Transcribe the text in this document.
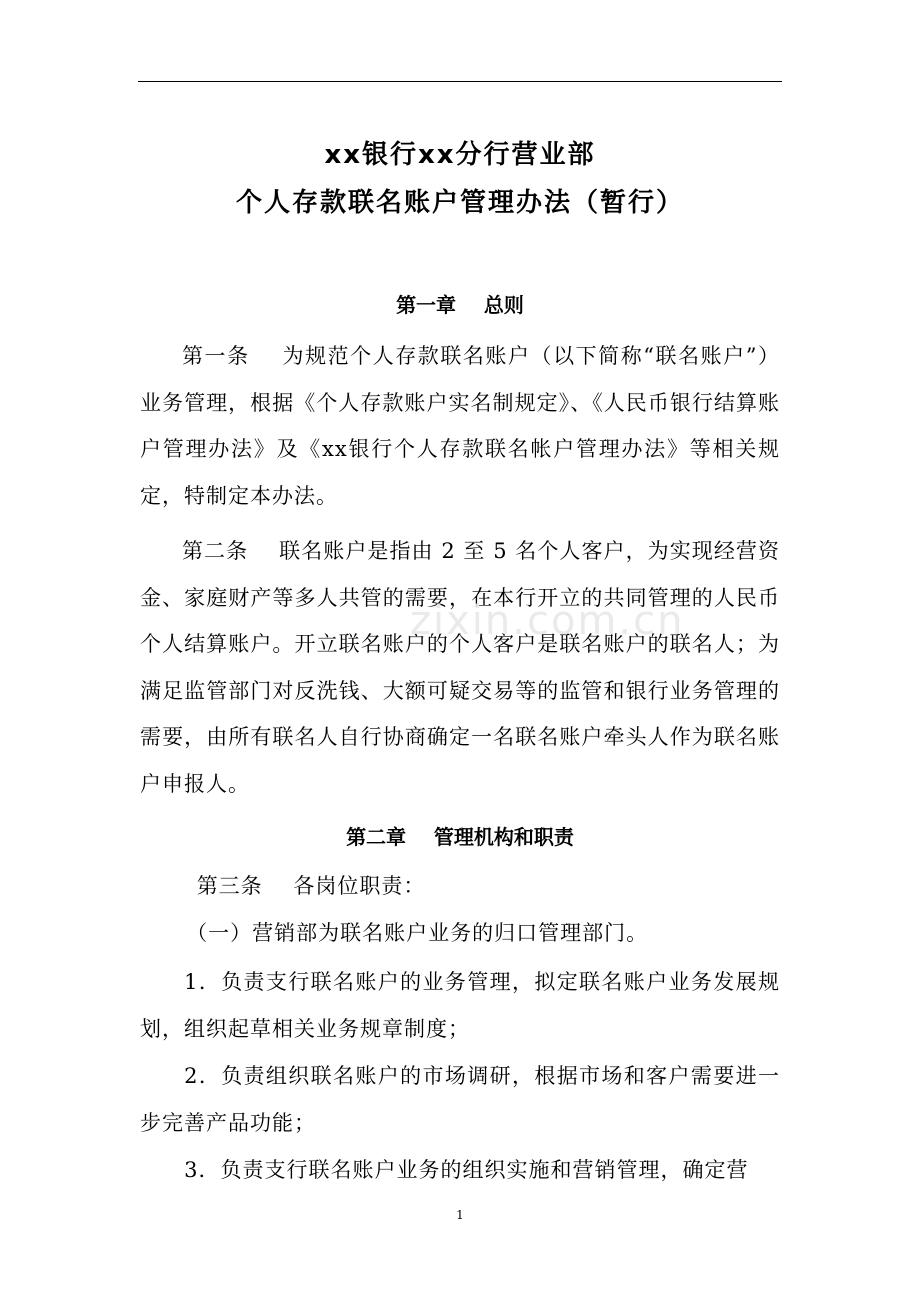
xx银行xx分行营业部
个人存款联名账户管理办法（暂行）
第一章    总则
第一条    为规范个人存款联名账户（以下简称“联名账户”）业务管理，根据《个人存款账户实名制规定》、《人民币银行结算账户管理办法》及《xx银行个人存款联名帐户管理办法》等相关规定，特制定本办法。
第二条    联名账户是指由 2 至 5 名个人客户，为实现经营资金、家庭财产等多人共管的需要，在本行开立的共同管理的人民币个人结算账户。开立联名账户的个人客户是联名账户的联名人；为满足监管部门对反洗钱、大额可疑交易等的监管和银行业务管理的需要，由所有联名人自行协商确定一名联名账户牵头人作为联名账户申报人。
第二章    管理机构和职责
第三条    各岗位职责：
（一）营销部为联名账户业务的归口管理部门。
1．负责支行联名账户的业务管理，拟定联名账户业务发展规划，组织起草相关业务规章制度；
2．负责组织联名账户的市场调研，根据市场和客户需要进一步完善产品功能；
3．负责支行联名账户业务的组织实施和营销管理，确定营
zixin.com.cn
1
